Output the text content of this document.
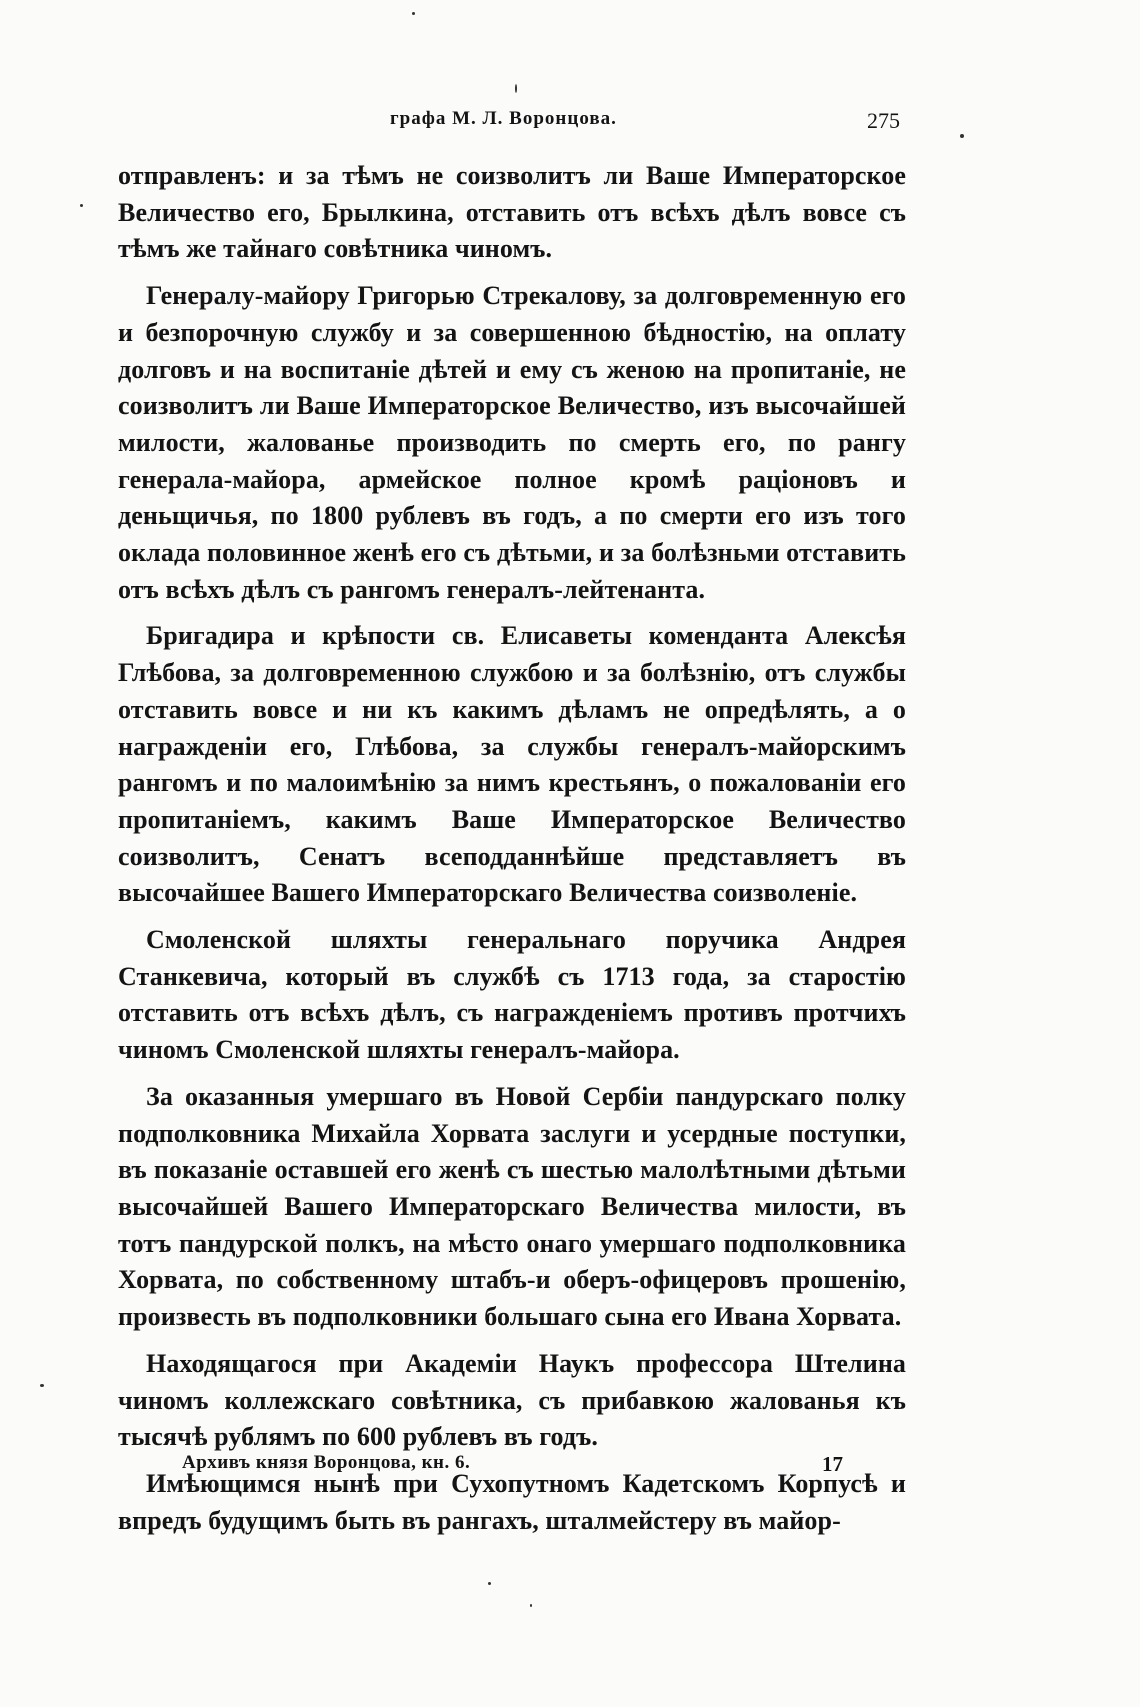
графа М. Л. Воронцова.	275

отправленъ: и за тѣмъ не соизволитъ ли Ваше Императорское Величество его, Брылкина, отставить отъ всѣхъ дѣлъ вовсе съ тѣмъ же тайнаго совѣтника чиномъ.

Генералу-майору Григорью Стрекалову, за долговременную его и безпорочную службу и за совершенною бѣдностію, на оплату долговъ и на воспитаніе дѣтей и ему съ женою на пропитаніе, не соизволитъ ли Ваше Императорское Величество, изъ высочайшей милости, жалованье производить по смерть его, по рангу генерала-майора, армейское полное кромѣ раціоновъ и деньщичья, по 1800 рублевъ въ годъ, а по смерти его изъ того оклада половинное женѣ его съ дѣтьми, и за болѣзньми отставить отъ всѣхъ дѣлъ съ рангомъ генералъ-лейтенанта.

Бригадира и крѣпости св. Елисаветы коменданта Алексѣя Глѣбова, за долговременною службою и за болѣзнію, отъ службы отставить вовсе и ни къ какимъ дѣламъ не опредѣлять, а о награжденіи его, Глѣбова, за службы генералъ-майорскимъ рангомъ и по малоимѣнію за нимъ крестьянъ, о пожалованіи его пропитаніемъ, какимъ Ваше Императорское Величество соизволитъ, Сенатъ всеподданнѣйше представляетъ въ высочайшее Вашего Императорскаго Величества соизволеніе.

Смоленской шляхты генеральнаго поручика Андрея Станкевича, который въ службѣ съ 1713 года, за старостію отставить отъ всѣхъ дѣлъ, съ награжденіемъ противъ протчихъ чиномъ Смоленской шляхты генералъ-майора.

За оказанныя умершаго въ Новой Сербіи пандурскаго полку подполковника Михайла Хорвата заслуги и усердные поступки, въ показаніе оставшей его женѣ съ шестью малолѣтными дѣтьми высочайшей Вашего Императорскаго Величества милости, въ тотъ пандурской полкъ, на мѣсто онаго умершаго подполковника Хорвата, по собственному штабъ-и оберъ-офицеровъ прошенію, произвесть въ подполковники большаго сына его Ивана Хорвата.

Находящагося при Академіи Наукъ профессора Штелина чиномъ коллежскаго совѣтника, съ прибавкою жалованья къ тысячѣ рублямъ по 600 рублевъ въ годъ.

Имѣющимся нынѣ при Сухопутномъ Кадетскомъ Корпусѣ и впредъ будущимъ быть въ рангахъ, шталмейстеру въ майор-

Архивъ князя Воронцова, кн. 6.	17
